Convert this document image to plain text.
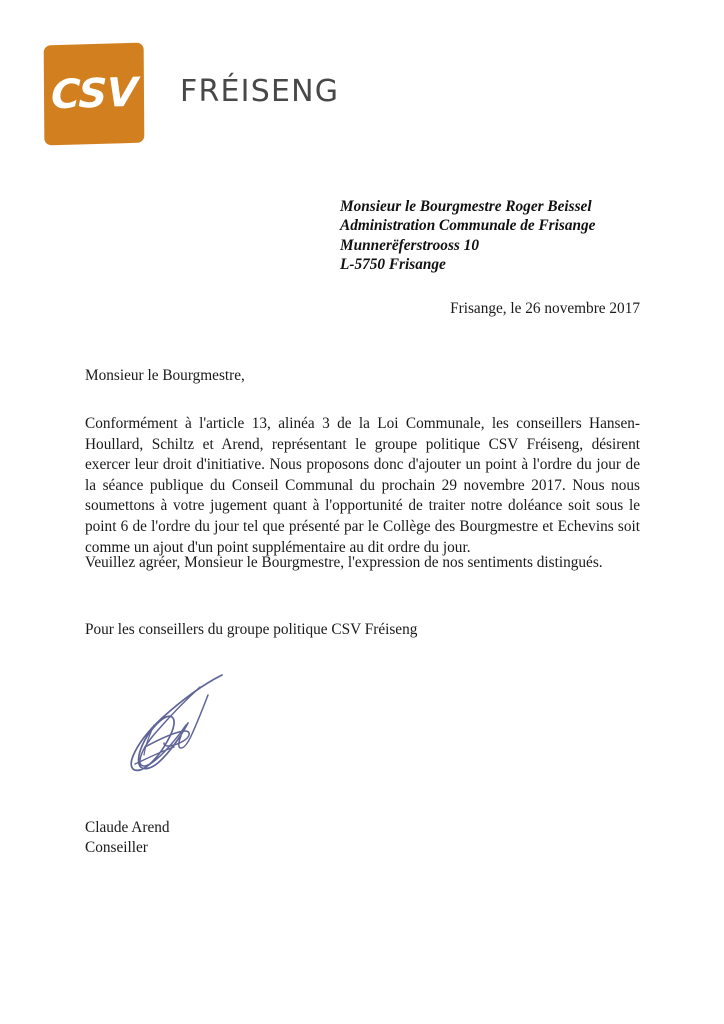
CSV FRÉISENG
Monsieur le Bourgmestre Roger Beissel
Administration Communale de Frisange
Munnerëferstrooss 10
L-5750 Frisange
Frisange, le 26 novembre 2017

Monsieur le Bourgmestre,

Conformément à l'article 13, alinéa 3 de la Loi Communale, les conseillers Hansen-Houllard, Schiltz et Arend, représentant le groupe politique CSV Fréiseng, désirent exercer leur droit d'initiative. Nous proposons donc d'ajouter un point à l'ordre du jour de la séance publique du Conseil Communal du prochain 29 novembre 2017. Nous nous soumettons à votre jugement quant à l'opportunité de traiter notre doléance soit sous le point 6 de l'ordre du jour tel que présenté par le Collège des Bourgmestre et Echevins soit comme un ajout d'un point supplémentaire au dit ordre du jour.

Veuillez agréer, Monsieur le Bourgmestre, l'expression de nos sentiments distingués.
Pour les conseillers du groupe politique CSV Fréiseng
Claude Arend
Conseiller
